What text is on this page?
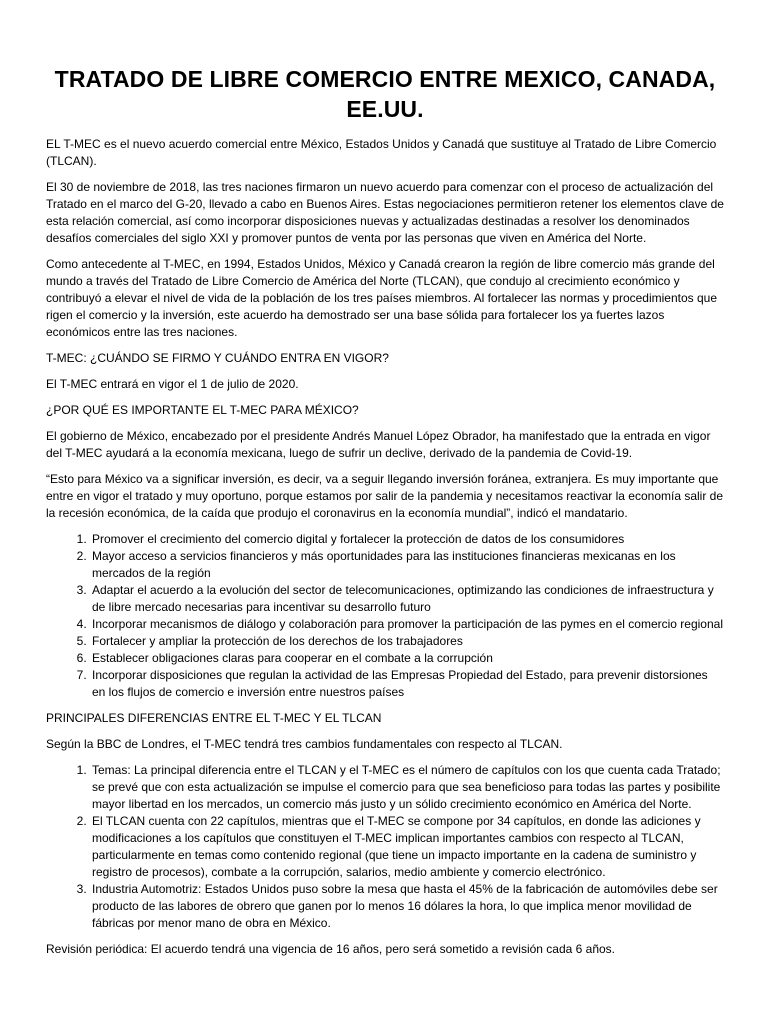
TRATADO DE LIBRE COMERCIO ENTRE MEXICO, CANADA, EE.UU.

EL T-MEC es el nuevo acuerdo comercial entre México, Estados Unidos y Canadá que sustituye al Tratado de Libre Comercio (TLCAN).

El 30 de noviembre de 2018, las tres naciones firmaron un nuevo acuerdo para comenzar con el proceso de actualización del Tratado en el marco del G-20, llevado a cabo en Buenos Aires. Estas negociaciones permitieron retener los elementos clave de esta relación comercial, así como incorporar disposiciones nuevas y actualizadas destinadas a resolver los denominados desafíos comerciales del siglo XXI y promover puntos de venta por las personas que viven en América del Norte.

Como antecedente al T-MEC, en 1994, Estados Unidos, México y Canadá crearon la región de libre comercio más grande del mundo a través del Tratado de Libre Comercio de América del Norte (TLCAN), que condujo al crecimiento económico y contribuyó a elevar el nivel de vida de la población de los tres países miembros. Al fortalecer las normas y procedimientos que rigen el comercio y la inversión, este acuerdo ha demostrado ser una base sólida para fortalecer los ya fuertes lazos económicos entre las tres naciones.

T-MEC: ¿CUÁNDO SE FIRMO Y CUÁNDO ENTRA EN VIGOR?

El T-MEC entrará en vigor el 1 de julio de 2020.

¿POR QUÉ ES IMPORTANTE EL T-MEC PARA MÉXICO?

El gobierno de México, encabezado por el presidente Andrés Manuel López Obrador, ha manifestado que la entrada en vigor del T-MEC ayudará a la economía mexicana, luego de sufrir un declive, derivado de la pandemia de Covid-19.

“Esto para México va a significar inversión, es decir, va a seguir llegando inversión foránea, extranjera. Es muy importante que entre en vigor el tratado y muy oportuno, porque estamos por salir de la pandemia y necesitamos reactivar la economía salir de la recesión económica, de la caída que produjo el coronavirus en la economía mundial”, indicó el mandatario.

1. Promover el crecimiento del comercio digital y fortalecer la protección de datos de los consumidores
2. Mayor acceso a servicios financieros y más oportunidades para las instituciones financieras mexicanas en los mercados de la región
3. Adaptar el acuerdo a la evolución del sector de telecomunicaciones, optimizando las condiciones de infraestructura y de libre mercado necesarias para incentivar su desarrollo futuro
4. Incorporar mecanismos de diálogo y colaboración para promover la participación de las pymes en el comercio regional
5. Fortalecer y ampliar la protección de los derechos de los trabajadores
6. Establecer obligaciones claras para cooperar en el combate a la corrupción
7. Incorporar disposiciones que regulan la actividad de las Empresas Propiedad del Estado, para prevenir distorsiones en los flujos de comercio e inversión entre nuestros países

PRINCIPALES DIFERENCIAS ENTRE EL T-MEC Y EL TLCAN

Según la BBC de Londres, el T-MEC tendrá tres cambios fundamentales con respecto al TLCAN.

1. Temas: La principal diferencia entre el TLCAN y el T-MEC es el número de capítulos con los que cuenta cada Tratado; se prevé que con esta actualización se impulse el comercio para que sea beneficioso para todas las partes y posibilite mayor libertad en los mercados, un comercio más justo y un sólido crecimiento económico en América del Norte.
2. El TLCAN cuenta con 22 capítulos, mientras que el T-MEC se compone por 34 capítulos, en donde las adiciones y modificaciones a los capítulos que constituyen el T-MEC implican importantes cambios con respecto al TLCAN, particularmente en temas como contenido regional (que tiene un impacto importante en la cadena de suministro y registro de procesos), combate a la corrupción, salarios, medio ambiente y comercio electrónico.
3. Industria Automotriz: Estados Unidos puso sobre la mesa que hasta el 45% de la fabricación de automóviles debe ser producto de las labores de obrero que ganen por lo menos 16 dólares la hora, lo que implica menor movilidad de fábricas por menor mano de obra en México.

Revisión periódica: El acuerdo tendrá una vigencia de 16 años, pero será sometido a revisión cada 6 años.
